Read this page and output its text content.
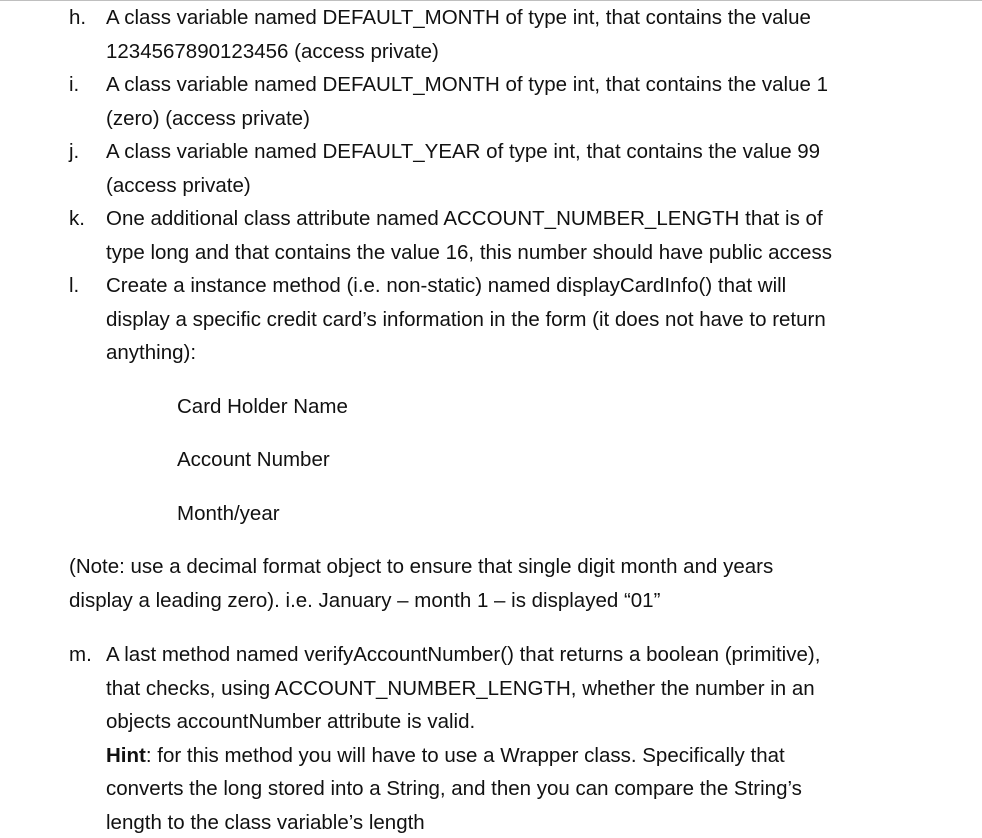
h. A class variable named DEFAULT_MONTH of type int, that contains the value
1234567890123456 (access private)
i. A class variable named DEFAULT_MONTH of type int, that contains the value 1
(zero) (access private)
j. A class variable named DEFAULT_YEAR of type int, that contains the value 99
(access private)
k. One additional class attribute named ACCOUNT_NUMBER_LENGTH that is of
type long and that contains the value 16, this number should have public access
l. Create a instance method (i.e. non-static) named displayCardInfo() that will
display a specific credit card’s information in the form (it does not have to return
anything):
Card Holder Name
Account Number
Month/year
(Note: use a decimal format object to ensure that single digit month and years
display a leading zero). i.e. January – month 1 – is displayed “01”
m. A last method named verifyAccountNumber() that returns a boolean (primitive),
that checks, using ACCOUNT_NUMBER_LENGTH, whether the number in an
objects accountNumber attribute is valid.
Hint: for this method you will have to use a Wrapper class. Specifically that
converts the long stored into a String, and then you can compare the String’s
length to the class variable’s length
